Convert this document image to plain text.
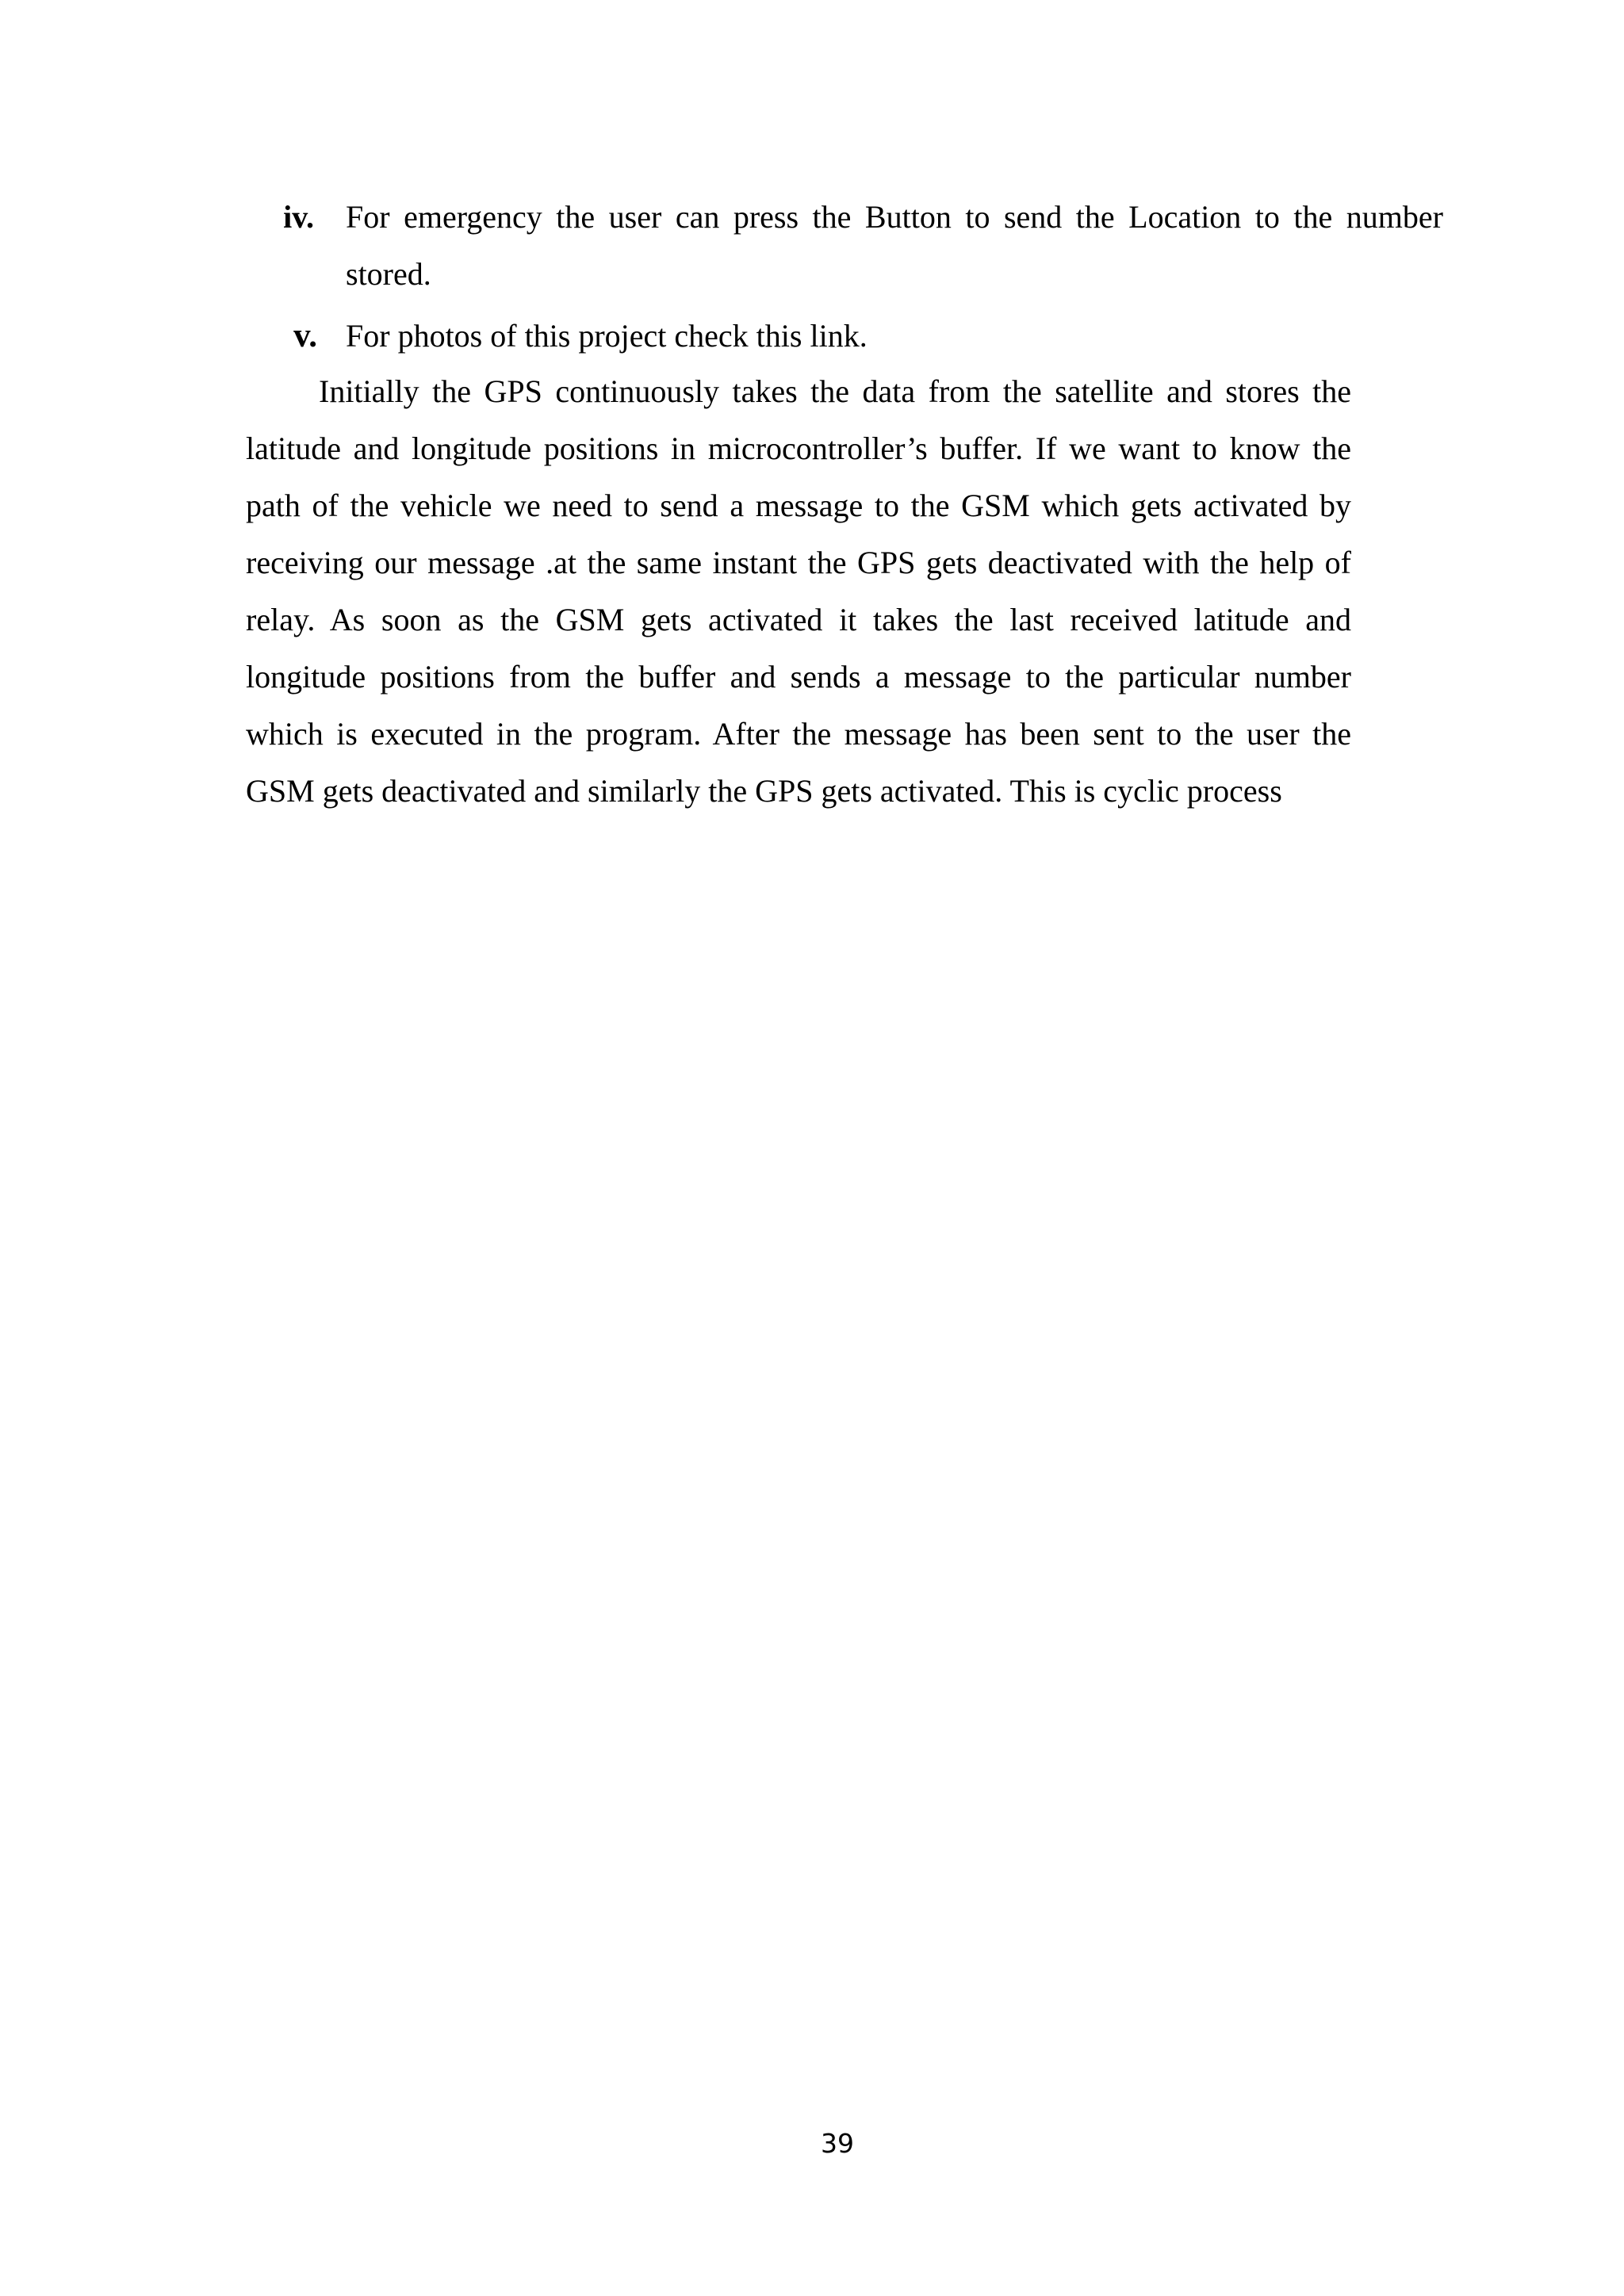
iv. For emergency the user can press the Button to send the Location to the number stored.
v. For photos of this project check this link.

Initially the GPS continuously takes the data from the satellite and stores the latitude and longitude positions in microcontroller’s buffer. If we want to know the path of the vehicle we need to send a message to the GSM which gets activated by receiving our message .at the same instant the GPS gets deactivated with the help of relay. As soon as the GSM gets activated it takes the last received latitude and longitude positions from the buffer and sends a message to the particular number which is executed in the program. After the message has been sent to the user the GSM gets deactivated and similarly the GPS gets activated. This is cyclic process

39
